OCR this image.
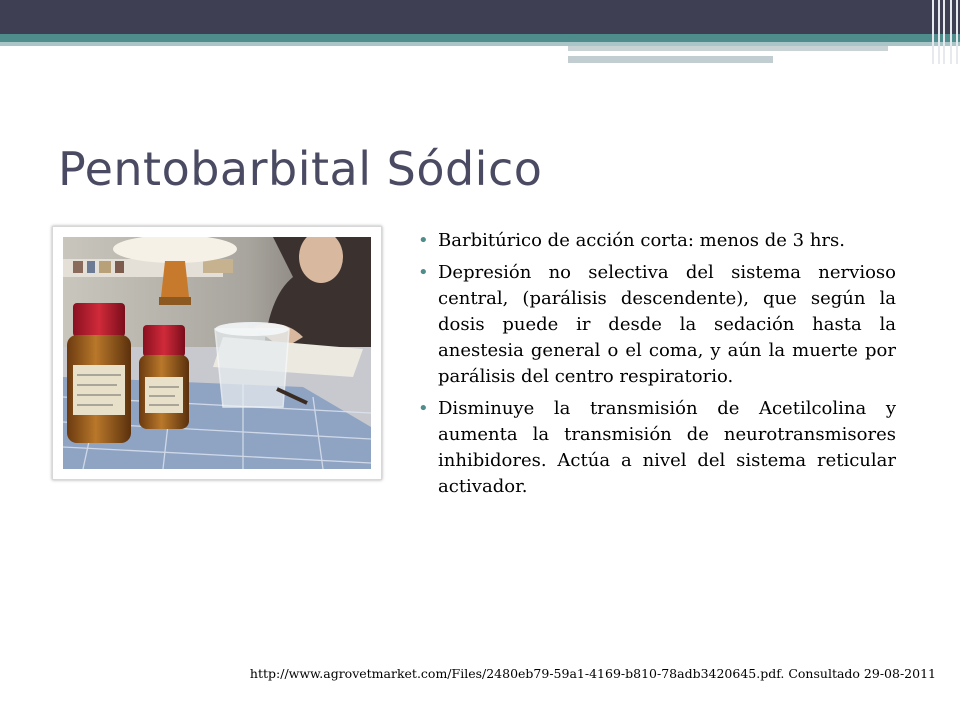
Pentobarbital Sódico
• Barbitúrico de acción corta: menos de 3 hrs.
• Depresión no selectiva del sistema nervioso central, (parálisis descendente), que según la dosis puede ir desde la sedación hasta la anestesia general o el coma, y aún la muerte por parálisis del centro respiratorio.
• Disminuye la transmisión de Acetilcolina y aumenta la transmisión de neurotransmisores inhibidores. Actúa a nivel del sistema reticular activador.

http://www.agrovetmarket.com/Files/2480eb79-59a1-4169-b810-78adb3420645.pdf. Consultado 29-08-2011
